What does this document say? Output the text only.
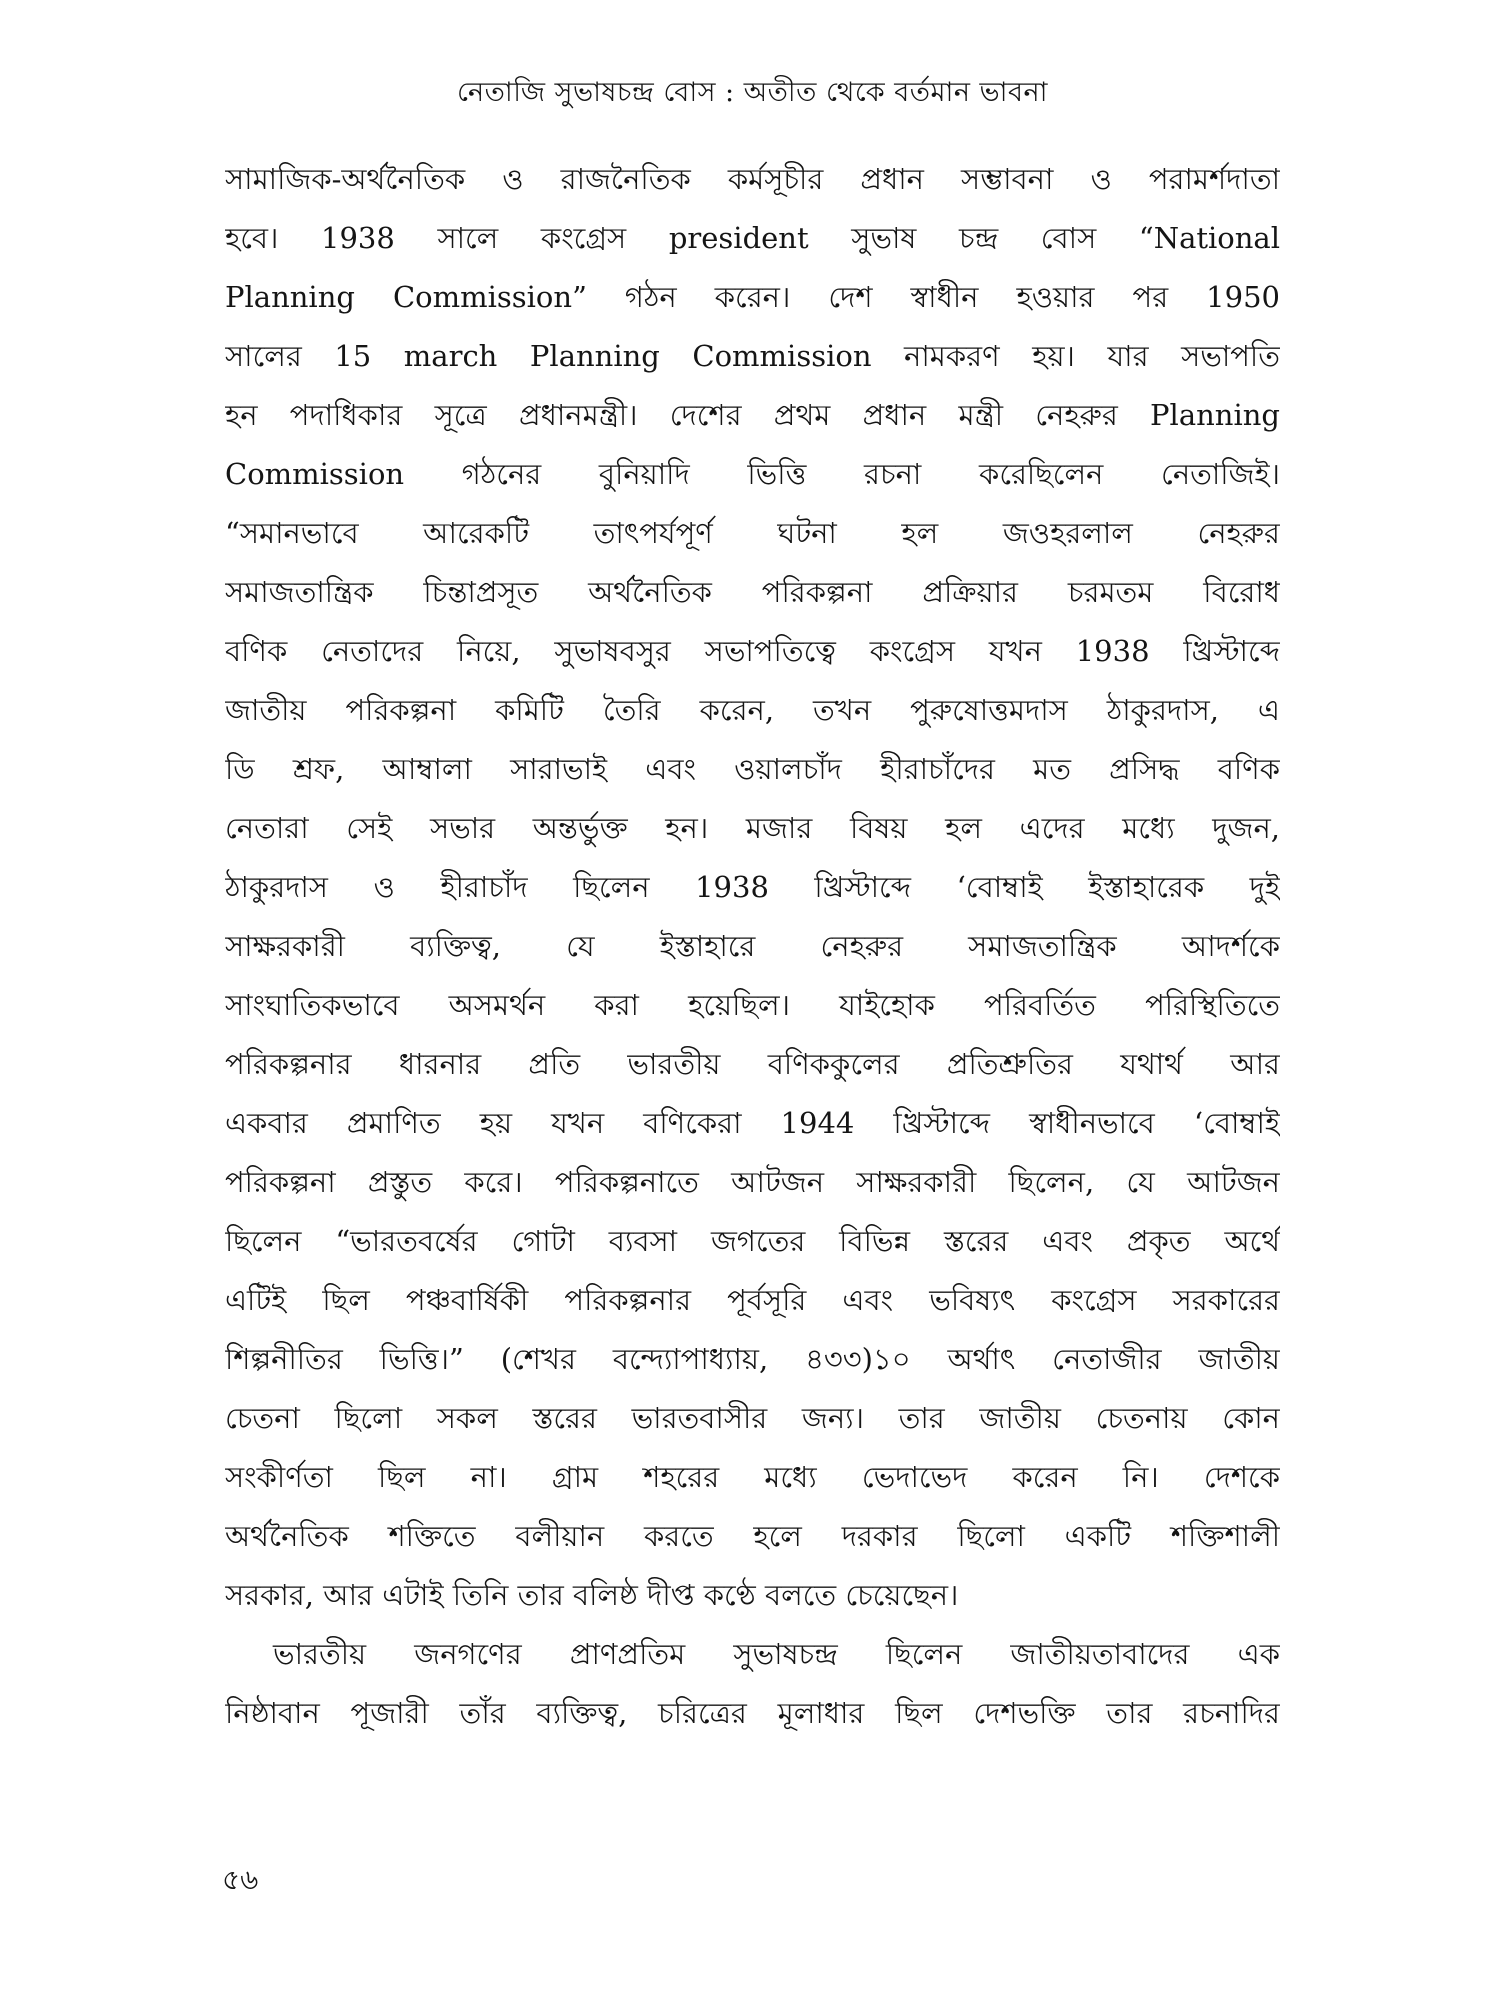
নেতাজি সুভাষচন্দ্র বোস : অতীত থেকে বর্তমান ভাবনা
সামাজিক-অর্থনৈতিক ও রাজনৈতিক কর্মসূচীর প্রধান সম্ভাবনা ও পরামর্শদাতা
হবে। 1938 সালে কংগ্রেস president সুভাষ চন্দ্র বোস “National
Planning Commission” গঠন করেন। দেশ স্বাধীন হওয়ার পর 1950
সালের 15 march Planning Commission নামকরণ হয়। যার সভাপতি
হন পদাধিকার সূত্রে প্রধানমন্ত্রী। দেশের প্রথম প্রধান মন্ত্রী নেহরুর Planning
Commission গঠনের বুনিয়াদি ভিত্তি রচনা করেছিলেন নেতাজিই।
“সমানভাবে আরেকটি তাৎপর্যপূর্ণ ঘটনা হল জওহরলাল নেহরুর
সমাজতান্ত্রিক চিন্তাপ্রসূত অর্থনৈতিক পরিকল্পনা প্রক্রিয়ার চরমতম বিরোধ
বণিক নেতাদের নিয়ে, সুভাষবসুর সভাপতিত্বে কংগ্রেস যখন 1938 খ্রিস্টাব্দে
জাতীয় পরিকল্পনা কমিটি তৈরি করেন, তখন পুরুষোত্তমদাস ঠাকুরদাস, এ
ডি শ্রফ, আম্বালা সারাভাই এবং ওয়ালচাঁদ হীরাচাঁদের মত প্রসিদ্ধ বণিক
নেতারা সেই সভার অন্তর্ভুক্ত হন। মজার বিষয় হল এদের মধ্যে দুজন,
ঠাকুরদাস ও হীরাচাঁদ ছিলেন 1938 খ্রিস্টাব্দে ‘বোম্বাই ইস্তাহারেক দুই
সাক্ষরকারী ব্যক্তিত্ব, যে ইস্তাহারে নেহরুর সমাজতান্ত্রিক আদর্শকে
সাংঘাতিকভাবে অসমর্থন করা হয়েছিল। যাইহোক পরিবর্তিত পরিস্থিতিতে
পরিকল্পনার ধারনার প্রতি ভারতীয় বণিককুলের প্রতিশ্রুতির যথার্থ আর
একবার প্রমাণিত হয় যখন বণিকেরা 1944 খ্রিস্টাব্দে স্বাধীনভাবে ‘বোম্বাই
পরিকল্পনা প্রস্তুত করে। পরিকল্পনাতে আটজন সাক্ষরকারী ছিলেন, যে আটজন
ছিলেন “ভারতবর্ষের গোটা ব্যবসা জগতের বিভিন্ন স্তরের এবং প্রকৃত অর্থে
এটিই ছিল পঞ্চবার্ষিকী পরিকল্পনার পূর্বসূরি এবং ভবিষ্যৎ কংগ্রেস সরকারের
শিল্পনীতির ভিত্তি।” (শেখর বন্দ্যোপাধ্যায়, ৪৩৩)১০ অর্থাৎ নেতাজীর জাতীয়
চেতনা ছিলো সকল স্তরের ভারতবাসীর জন্য। তার জাতীয় চেতনায় কোন
সংকীর্ণতা ছিল না। গ্রাম শহরের মধ্যে ভেদাভেদ করেন নি। দেশকে
অর্থনৈতিক শক্তিতে বলীয়ান করতে হলে দরকার ছিলো একটি শক্তিশালী
সরকার, আর এটাই তিনি তার বলিষ্ঠ দীপ্ত কণ্ঠে বলতে চেয়েছেন।
ভারতীয় জনগণের প্রাণপ্রতিম সুভাষচন্দ্র ছিলেন জাতীয়তাবাদের এক
নিষ্ঠাবান পূজারী তাঁর ব্যক্তিত্ব, চরিত্রের মূলাধার ছিল দেশভক্তি তার রচনাদির
৫৬
